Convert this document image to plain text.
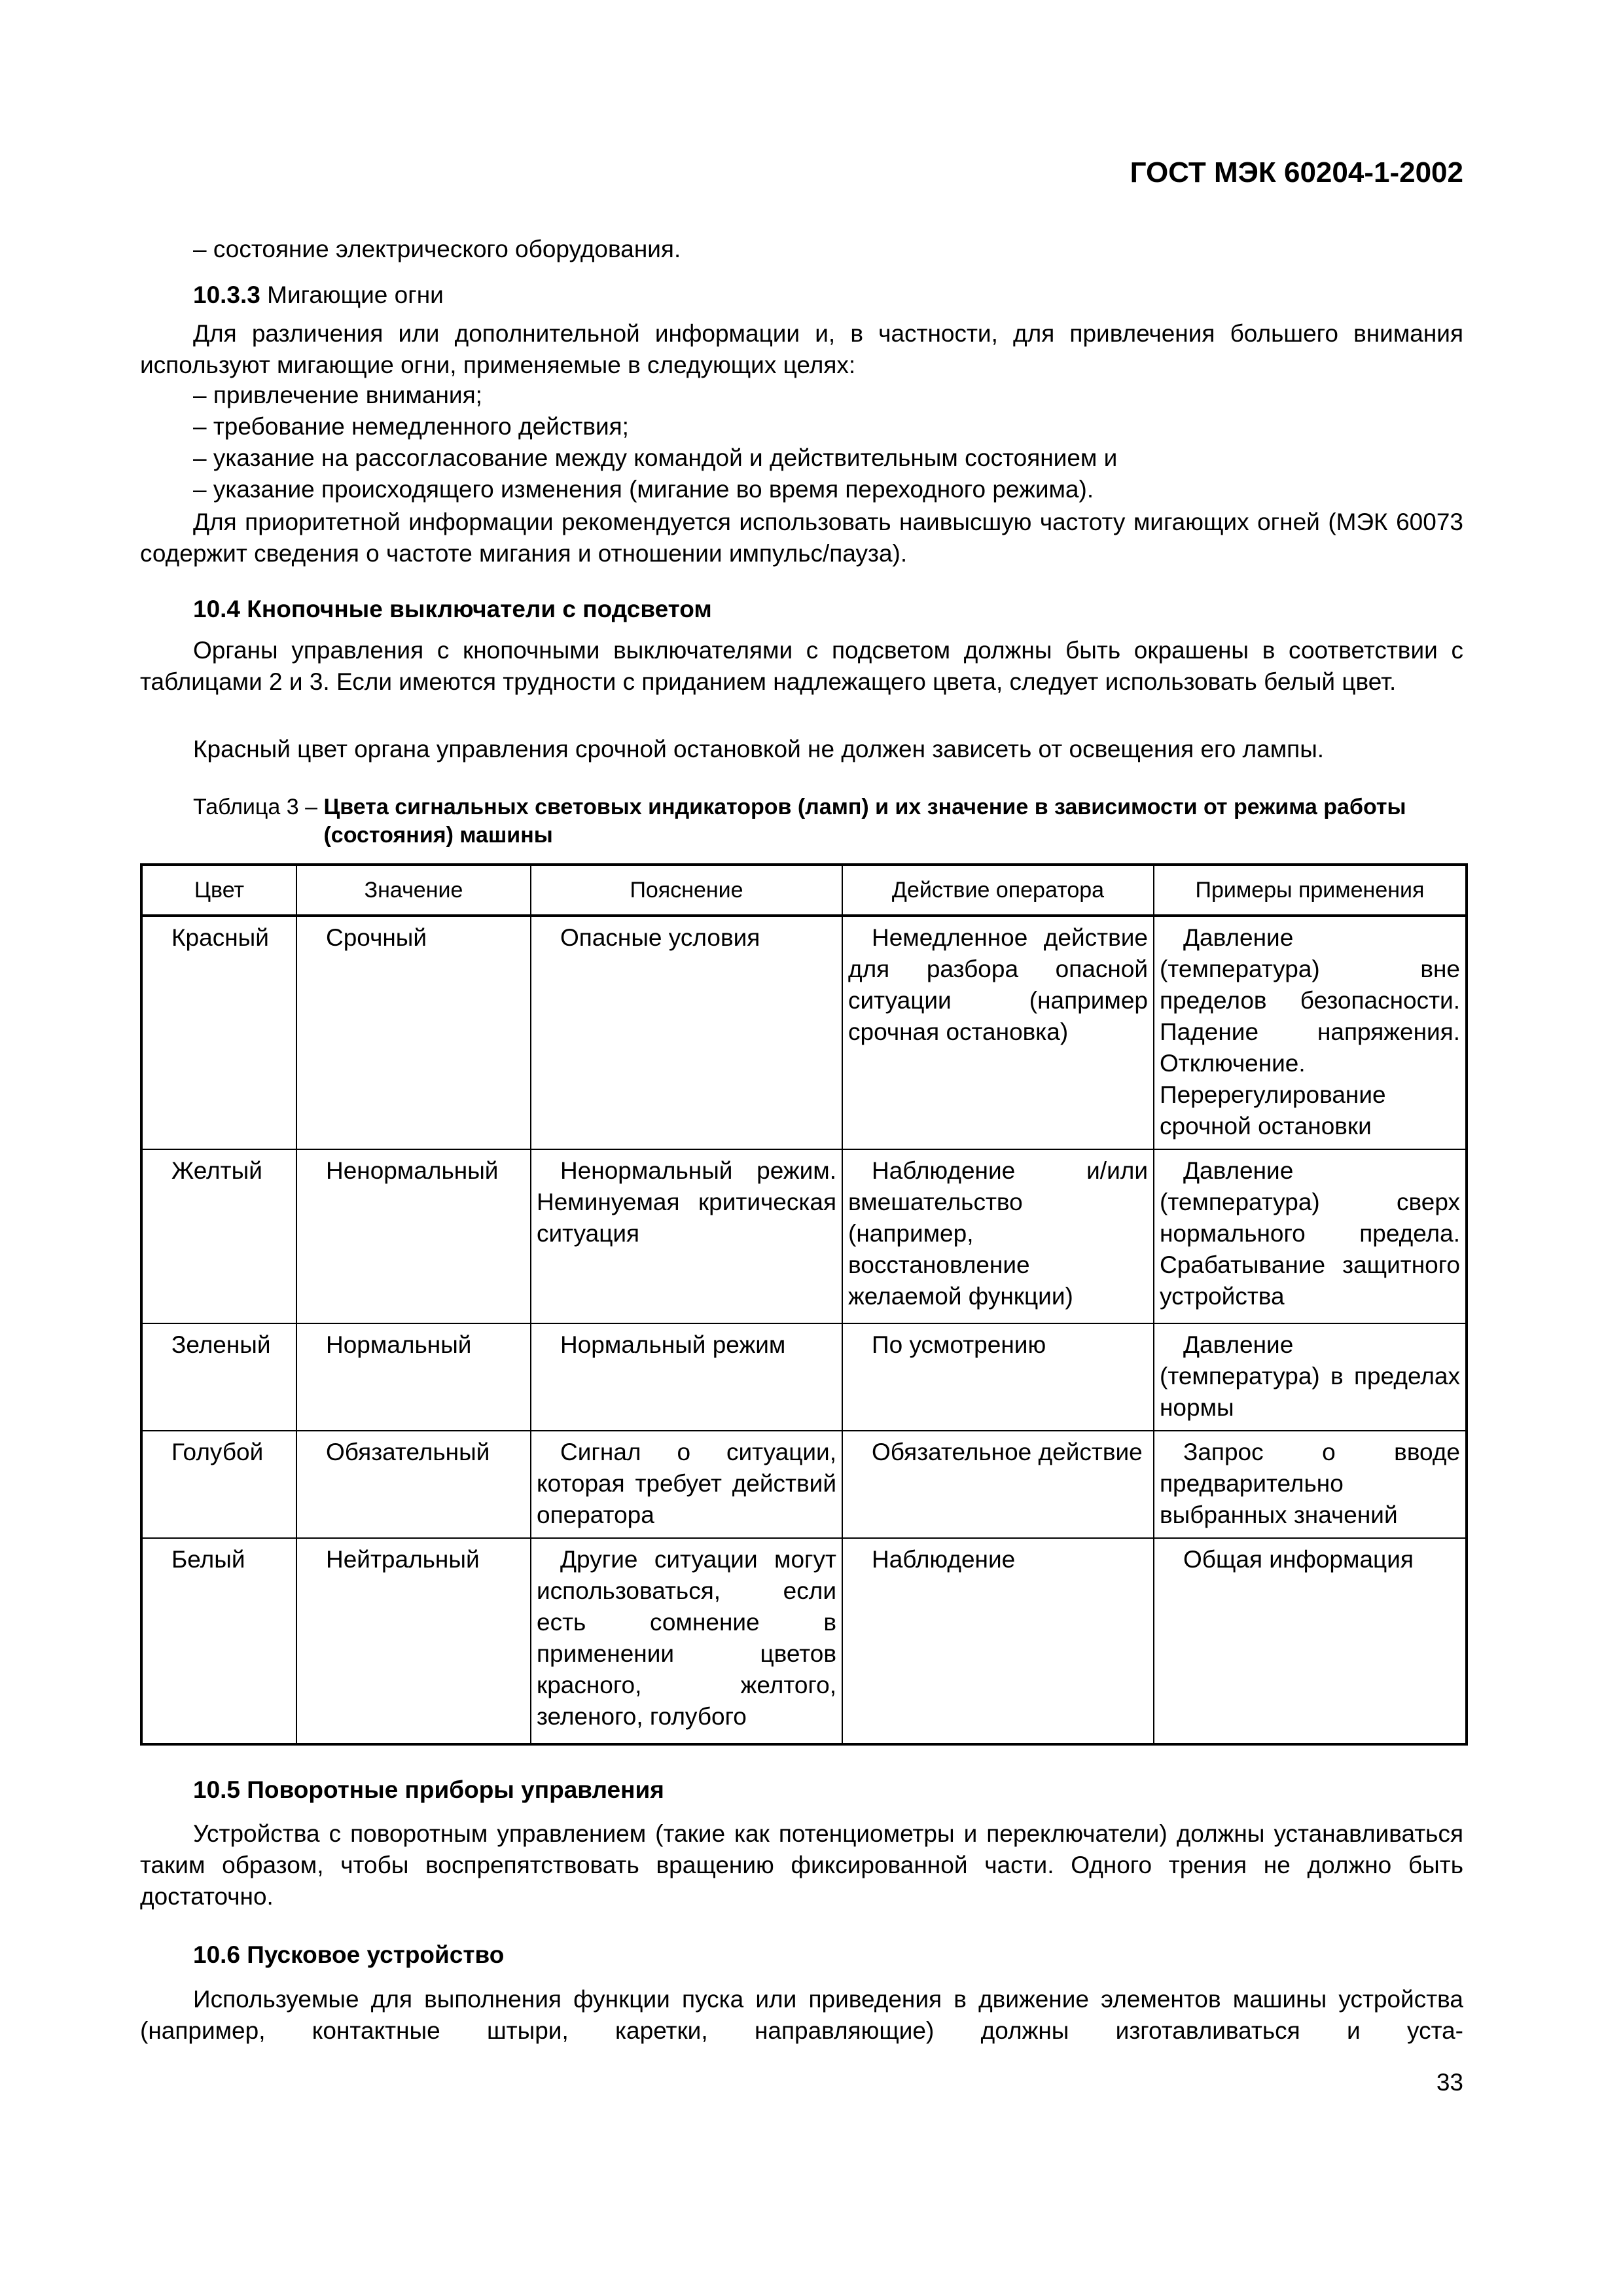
ГОСТ МЭК 60204-1-2002
– состояние электрического оборудования.
10.3.3 Мигающие огни
Для различения или дополнительной информации и, в частности, для привлечения большего внимания используют мигающие огни, применяемые в следующих целях:
– привлечение внимания;
– требование немедленного действия;
– указание на рассогласование между командой и действительным состоянием и
– указание происходящего изменения (мигание во время переходного режима).
Для приоритетной информации рекомендуется использовать наивысшую частоту мигающих огней (МЭК 60073 содержит сведения о частоте мигания и отношении импульс/пауза).
10.4 Кнопочные выключатели с подсветом
Органы управления с кнопочными выключателями с подсветом должны быть окрашены в соответствии с таблицами 2 и 3. Если имеются трудности с приданием надлежащего цвета, следует использовать белый цвет.
Красный цвет органа управления срочной остановкой не должен зависеть от освещения его лампы.
Таблица 3 – Цвета сигнальных световых индикаторов (ламп) и их значение в зависимости от режима работы (состояния) машины
Цвет	Значение	Пояснение	Действие оператора	Примеры применения
Красный	Срочный	Опасные условия	Немедленное действие для разбора опасной ситуации (например срочная остановка)	Давление (температура) вне пределов безопасности. Падение напряжения. Отключение. Перерегулирование срочной остановки
Желтый	Ненормальный	Ненормальный режим. Неминуемая критическая ситуация	Наблюдение и/или вмешательство (например, восстановление желаемой функции)	Давление (температура) сверх нормального предела. Срабатывание защитного устройства
Зеленый	Нормальный	Нормальный режим	По усмотрению	Давление (температура) в пределах нормы
Голубой	Обязательный	Сигнал о ситуации, которая требует действий оператора	Обязательное действие	Запрос о вводе предварительно выбранных значений
Белый	Нейтральный	Другие ситуации могут использоваться, если есть сомнение в применении цветов красного, желтого, зеленого, голубого	Наблюдение	Общая информация
10.5 Поворотные приборы управления
Устройства с поворотным управлением (такие как потенциометры и переключатели) должны устанавливаться таким образом, чтобы воспрепятствовать вращению фиксированной части. Одного трения не должно быть достаточно.
10.6 Пусковое устройство
Используемые для выполнения функции пуска или приведения в движение элементов машины устройства (например, контактные штыри, каретки, направляющие) должны изготавливаться и уста-
33
